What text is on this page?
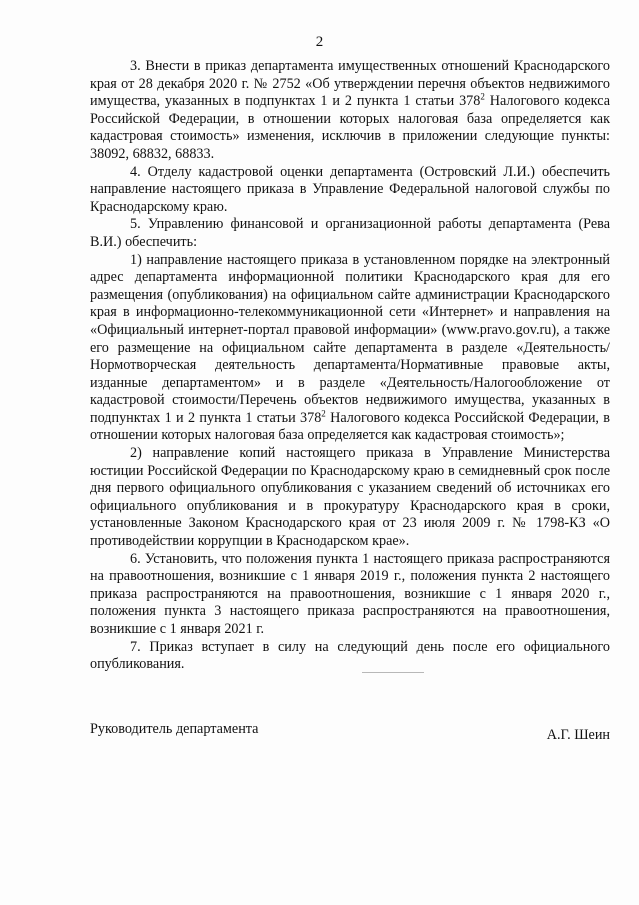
2

3. Внести в приказ департамента имущественных отношений Краснодарского края от 28 декабря 2020 г. № 2752 «Об утверждении перечня объектов недвижимого имущества, указанных в подпунктах 1 и 2 пункта 1 статьи $378^2$ Налогового кодекса Российской Федерации, в отношении которых налоговая база определяется как кадастровая стоимость» изменения, исключив в приложении следующие пункты: 38092, 68832, 68833.

4. Отделу кадастровой оценки департамента (Островский Л.И.) обеспечить направление настоящего приказа в Управление Федеральной налоговой службы по Краснодарскому краю.

5. Управлению финансовой и организационной работы департамента (Рева В.И.) обеспечить:

1) направление настоящего приказа в установленном порядке на электронный адрес департамента информационной политики Краснодарского края для его размещения (опубликования) на официальном сайте администрации Краснодарского края в информационно-телекоммуникационной сети «Интернет» и направления на «Официальный интернет-портал правовой информации» (www.pravo.gov.ru), а также его размещение на официальном сайте департамента в разделе «Деятельность/Нормотворческая деятельность департамента/Нормативные правовые акты, изданные департаментом» и в разделе «Деятельность/Налогообложение от кадастровой стоимости/Перечень объектов недвижимого имущества, указанных в подпунктах 1 и 2 пункта 1 статьи $378^2$ Налогового кодекса Российской Федерации, в отношении которых налоговая база определяется как кадастровая стоимость»;

2) направление копий настоящего приказа в Управление Министерства юстиции Российской Федерации по Краснодарскому краю в семидневный срок после дня первого официального опубликования с указанием сведений об источниках его официального опубликования и в прокуратуру Краснодарского края в сроки, установленные Законом Краснодарского края от 23 июля 2009 г. № 1798-КЗ «О противодействии коррупции в Краснодарском крае».

6. Установить, что положения пункта 1 настоящего приказа распространяются на правоотношения, возникшие с 1 января 2019 г., положения пункта 2 настоящего приказа распространяются на правоотношения, возникшие с 1 января 2020 г., положения пункта 3 настоящего приказа распространяются на правоотношения, возникшие с 1 января 2021 г.

7. Приказ вступает в силу на следующий день после его официального опубликования.

Руководитель департамента	А.Г. Шеин
